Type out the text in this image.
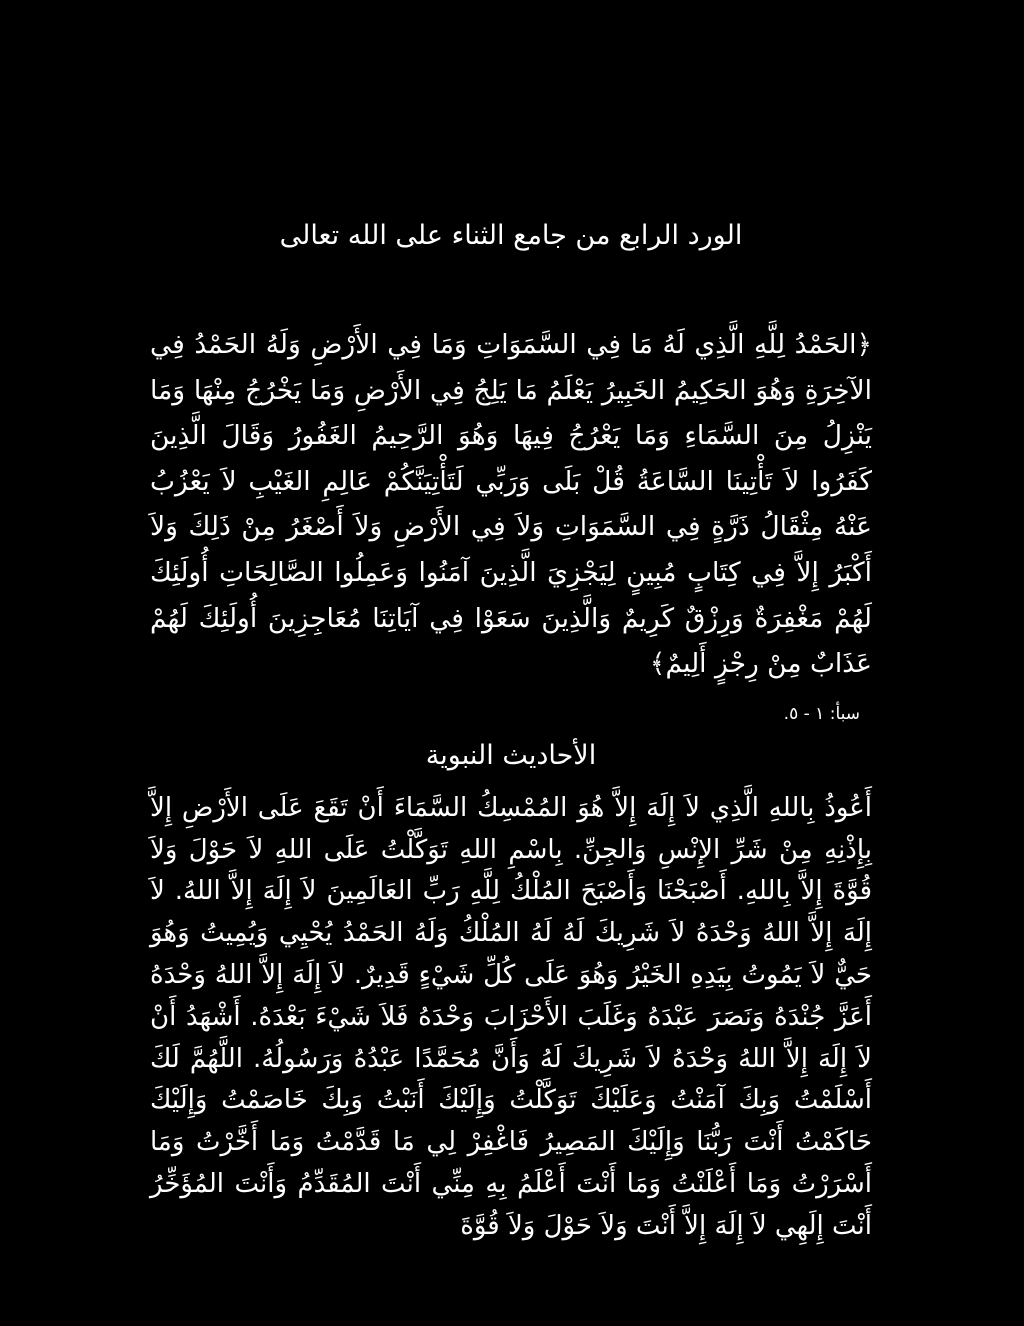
الورد الرابع من جامع الثناء على الله تعالى

﴿الحَمْدُ لِلَّهِ الَّذِي لَهُ مَا فِي السَّمَوَاتِ وَمَا فِي الأَرْضِ وَلَهُ الحَمْدُ فِي الآخِرَةِ وَهُوَ الحَكِيمُ الخَبِيرُ يَعْلَمُ مَا يَلِجُ فِي الأَرْضِ وَمَا يَخْرُجُ مِنْهَا وَمَا يَنْزِلُ مِنَ السَّمَاءِ وَمَا يَعْرُجُ فِيهَا وَهُوَ الرَّحِيمُ الغَفُورُ وَقَالَ الَّذِينَ كَفَرُوا لاَ تَأْتِينَا السَّاعَةُ قُلْ بَلَى وَرَبِّي لَتَأْتِيَنَّكُمْ عَالِمِ الغَيْبِ لاَ يَعْزُبُ عَنْهُ مِثْقَالُ ذَرَّةٍ فِي السَّمَوَاتِ وَلاَ فِي الأَرْضِ وَلاَ أَصْغَرُ مِنْ ذَلِكَ وَلاَ أَكْبَرُ إِلاَّ فِي كِتَابٍ مُبِينٍ لِيَجْزِيَ الَّذِينَ آمَنُوا وَعَمِلُوا الصَّالِحَاتِ أُولَئِكَ لَهُمْ مَغْفِرَةٌ وَرِزْقٌ كَرِيمٌ وَالَّذِينَ سَعَوْا فِي آيَاتِنَا مُعَاجِزِينَ أُولَئِكَ لَهُمْ عَذَابٌ مِنْ رِجْزٍ أَلِيمٌ﴾

سبأ: ١ - ٥.

الأحاديث النبوية

أَعُوذُ بِاللهِ الَّذِي لاَ إِلَهَ إِلاَّ هُوَ المُمْسِكُ السَّمَاءَ أَنْ تَقَعَ عَلَى الأَرْضِ إِلاَّ بِإِذْنِهِ مِنْ شَرِّ الإِنْسِ وَالجِنِّ. بِاسْمِ اللهِ تَوَكَّلْتُ عَلَى اللهِ لاَ حَوْلَ وَلاَ قُوَّةَ إِلاَّ بِاللهِ. أَصْبَحْنَا وَأَصْبَحَ المُلْكُ لِلَّهِ رَبِّ العَالَمِينَ لاَ إِلَهَ إِلاَّ اللهُ. لاَ إِلَهَ إِلاَّ اللهُ وَحْدَهُ لاَ شَرِيكَ لَهُ لَهُ المُلْكُ وَلَهُ الحَمْدُ يُحْيِي وَيُمِيتُ وَهُوَ حَيٌّ لاَ يَمُوتُ بِيَدِهِ الخَيْرُ وَهُوَ عَلَى كُلِّ شَيْءٍ قَدِيرٌ. لاَ إِلَهَ إِلاَّ اللهُ وَحْدَهُ أَعَزَّ جُنْدَهُ وَنَصَرَ عَبْدَهُ وَغَلَبَ الأَحْزَابَ وَحْدَهُ فَلاَ شَيْءَ بَعْدَهُ. أَشْهَدُ أَنْ لاَ إِلَهَ إِلاَّ اللهُ وَحْدَهُ لاَ شَرِيكَ لَهُ وَأَنَّ مُحَمَّدًا عَبْدُهُ وَرَسُولُهُ. اللَّهُمَّ لَكَ أَسْلَمْتُ وَبِكَ آمَنْتُ وَعَلَيْكَ تَوَكَّلْتُ وَإِلَيْكَ أَنَبْتُ وَبِكَ خَاصَمْتُ وَإِلَيْكَ حَاكَمْتُ أَنْتَ رَبُّنَا وَإِلَيْكَ المَصِيرُ فَاغْفِرْ لِي مَا قَدَّمْتُ وَمَا أَخَّرْتُ وَمَا أَسْرَرْتُ وَمَا أَعْلَنْتُ وَمَا أَنْتَ أَعْلَمُ بِهِ مِنِّي أَنْتَ المُقَدِّمُ وَأَنْتَ المُؤَخِّرُ أَنْتَ إِلَهِي لاَ إِلَهَ إِلاَّ أَنْتَ وَلاَ حَوْلَ وَلاَ قُوَّةَ
